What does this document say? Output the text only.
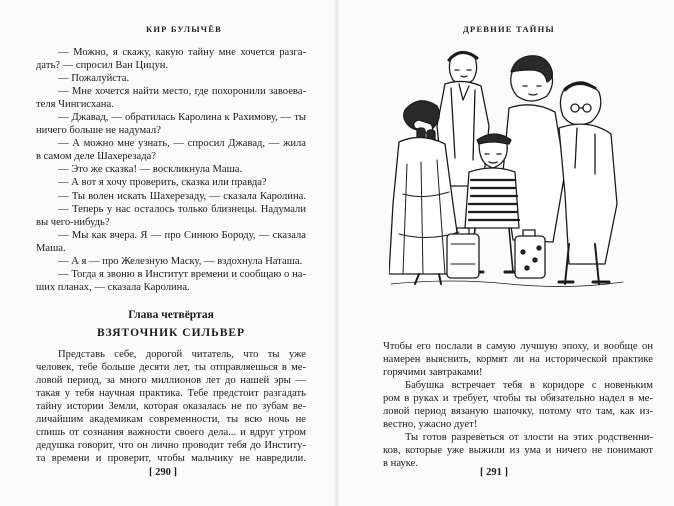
КИР БУЛЫЧЁВ
— Можно, я скажу, какую тайну мне хочется разга-
дать? — спросил Ван Цицун.
— Пожалуйста.
— Мне хочется найти место, где похоронили завоева-
теля Чингисхана.
— Джавад, — обратилась Каролина к Рахимову, — ты
ничего больше не надумал?
— А можно мне узнать, — спросил Джавад, — жила
в самом деле Шахерезада?
— Это же сказка! — воскликнула Маша.
— А вот я хочу проверить, сказка или правда?
— Ты волен искать Шахерезаду, — сказала Каролина.
— Теперь у нас осталось только близнецы. Надумали
вы чего-нибудь?
— Мы как вчера. Я — про Синюю Бороду, — сказала
Маша.
— А я — про Железную Маску, — вздохнула Наташа.
— Тогда я звоню в Институт времени и сообщаю о на-
ших планах, — сказала Каролина.
Глава четвёртая
ВЗЯТОЧНИК СИЛЬВЕР
Представь себе, дорогой читатель, что ты уже
человек, тебе больше десяти лет, ты отправляешься в ме-
ловой период, за много миллионов лет до нашей эры —
такая у тебя научная практика. Тебе предстоит разгадать
тайну истории Земли, которая оказалась не по зубам ве-
личайшим академикам современности, ты всю ночь не
спишь от сознания важности своего дела... и вдруг утром
дедушка говорит, что он лично проводит тебя до Институ-
та времени и проверит, чтобы мальчику не навредили.
[ 290 ]
ДРЕВНИЕ ТАЙНЫ
Чтобы его послали в самую лучшую эпоху, и вообще он
намерен выяснить, кормят ли на исторической практике
горячими завтраками!
Бабушка встречает тебя в коридоре с новеньким
ром в руках и требует, чтобы ты обязательно надел в ме-
ловой период вязаную шапочку, потому что там, как из-
вестно, ужасно дует!
Ты готов разреветься от злости на этих родственни-
ков, которые уже выжили из ума и ничего не понимают
в науке.
[ 291 ]
